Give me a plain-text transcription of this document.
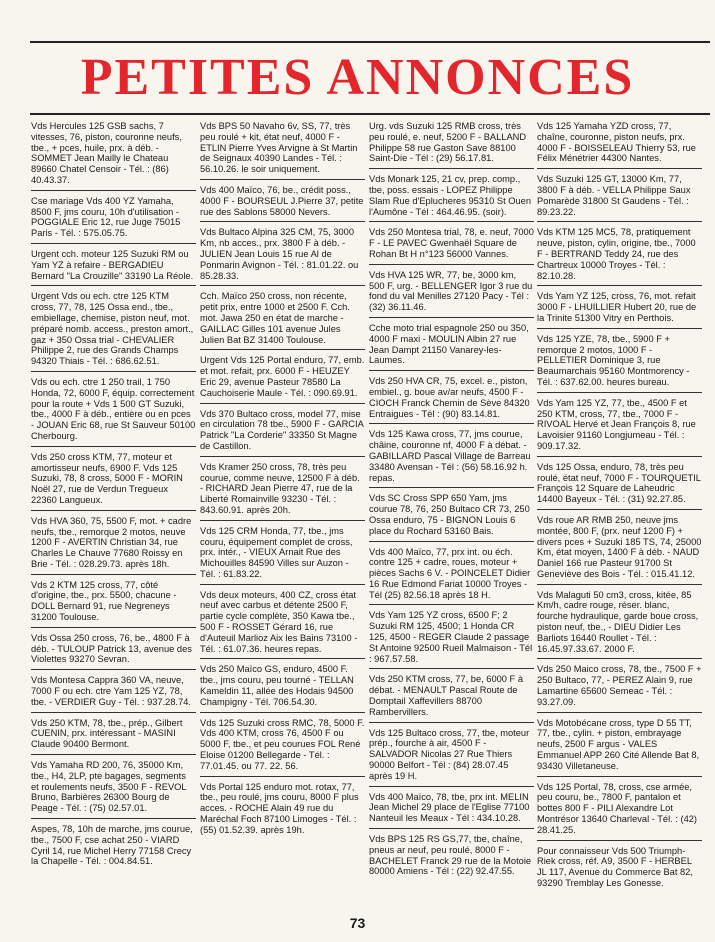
PETITES ANNONCES
Vds Hercules 125 GSB sachs, 7 vitesses, 76, piston, couronne neufs, tbe., + pces, huile, prx. à déb. - SOMMET Jean Mailly le Chateau 89660 Chatel Censoir - Tél. : (86) 40.43.37.
Cse mariage Vds 400 YZ Yamaha, 8500 F, jms couru, 10h d'utilisation - POGGIALE Eric 12, rue Juge 75015 Paris - Tél. : 575.05.75.
Urgent cch. moteur 125 Suzuki RM ou Yam YZ à refaire - BERGADIEU Bernard "La Crouzille" 33190 La Réole.
Urgent Vds ou ech. ctre 125 KTM cross, 77, 78, 125 Ossa end., tbe., embiellage, chemise, piston neuf, mot. préparé nomb. access., preston amort., gaz + 350 Ossa trial - CHEVALIER Philippe 2, rue des Grands Champs 94320 Thiais - Tél. : 686.62.51.
Vds ou ech. ctre 1 250 trail, 1 750 Honda, 72, 6000 F, équip. correctement pour la route + Vds 1 500 GT Suzuki, tbe., 4000 F à déb., entière ou en pces - JOUAN Eric 68, rue St Sauveur 50100 Cherbourg.
Vds 250 cross KTM, 77, moteur et amortisseur neufs, 6900 F. Vds 125 Suzuki, 78, 8 cross, 5000 F - MORIN Noël 27, rue de Verdun Tregueux 22360 Langueux.
Vds HVA 360, 75, 5500 F, mot. + cadre neufs, tbe., remorque 2 motos, neuve 1200 F - AVERTIN Christian 34, rue Charles Le Chauve 77680 Roissy en Brie - Tél. : 028.29.73. après 18h.
Vds 2 KTM 125 cross, 77, côté d'origine, tbe., prx. 5500, chacune - DOLL Bernard 91, rue Negreneys 31200 Toulouse.
Vds Ossa 250 cross, 76, be., 4800 F à déb. - TULOUP Patrick 13, avenue des Violettes 93270 Sevran.
Vds Montesa Cappra 360 VA, neuve, 7000 F ou ech. ctre Yam 125 YZ, 78, tbe. - VERDIER Guy - Tél. : 937.28.74.
Vds 250 KTM, 78, tbe., prép., Gilbert CUENIN, prx. intéressant - MASINI Claude 90400 Bermont.
Vds Yamaha RD 200, 76, 35000 Km, tbe., H4, 2LP, pte bagages, segments et roulements neufs, 3500 F - REVOL Bruno, Barbières 26300 Bourg de Peage - Tél. : (75) 02.57.01.
Aspes, 78, 10h de marche, jms courue, tbe., 7500 F, cse achat 250 - VIARD Cyril 14, rue Michel Herry 77158 Crecy la Chapelle - Tél. : 004.84.51.
Vds BPS 50 Navaho 6v, SS, 77, très peu roulé + kit, état neuf, 4000 F - ETLIN Pierre Yves Arvigne à St Martin de Seignaux 40390 Landes - Tél. : 56.10.26. le soir uniquement.
Vds 400 Maïco, 76, be., crédit poss., 4000 F - BOURSEUL J.Pierre 37, petite rue des Sablons 58000 Nevers.
Vds Bultaco Alpina 325 CM, 75, 3000 Km, nb acces., prx. 3800 F à déb. - JULIEN Jean Louis 15 rue Al de Ponmarin Avignon - Tél. : 81.01.22. ou 85.28.33.
Cch. Maïco 250 cross, non récente, petit prix, entre 1000 et 2500 F. Cch. mot. Jawa 250 en état de marche - GAILLAC Gilles 101 avenue Jules Julien Bat BZ 31400 Toulouse.
Urgent Vds 125 Portal enduro, 77, emb. et mot. refait, prx. 6000 F - HEUZEY Eric 29, avenue Pasteur 78580 La Cauchoiserie Maule - Tél. : 090.69.91.
Vds 370 Bultaco cross, model 77, mise en circulation 78 tbe., 5900 F - GARCIA Patrick "La Corderie" 33350 St Magne de Castillon.
Vds Kramer 250 cross, 78, très peu courue, comme neuve, 12500 F à déb. - RICHARD Jean Pierre 47, rue de la Liberté Romainville 93230 - Tél. : 843.60.91. après 20h.
Vds 125 CRM Honda, 77, tbe., jms couru, équipement complet de cross, prx. intér., - VIEUX Arnait Rue des Michouilles 84590 Villes sur Auzon - Tél. : 61.83.22.
Vds deux moteurs, 400 CZ, cross état neuf avec carbus et détente 2500 F, partie cycle complète, 350 Kawa tbe., 500 F - ROSSET Gérard 16, rue d'Auteuil Marlioz Aix les Bains 73100 - Tél. : 61.07.36. heures repas.
Vds 250 Maïco GS, enduro, 4500 F. tbe., jms couru, peu tourné - TELLAN Kameldin 11, allée des Hodais 94500 Champigny - Tél. 706.54.30.
Vds 125 Suzuki cross RMC, 78, 5000 F. Vds 400 KTM, cross 76, 4500 F ou 5000 F, tbe., et peu courues FOL René Eloise 01200 Bellegarde - Tél. : 77.01.45. ou 77. 22. 56.
Vds Portal 125 enduro mot. rotax, 77, tbe., peu roulé, jms couru, 8000 F plus acces. - ROCHE Alain 49 rue du Maréchal Foch 87100 Limoges - Tél. : (55) 01.52.39. après 19h.
Urg. vds Suzuki 125 RMB cross, très peu roulé, e. neuf, 5200 F - BALLAND Philippe 58 rue Gaston Save 88100 Saint-Die - Tél : (29) 56.17.81.
Vds Monark 125, 21 cv, prep. comp., tbe, poss. essais - LOPEZ Philippe Slam Rue d'Eplucheres 95310 St Ouen l'Aumône - Tél : 464.46.95. (soir).
Vds 250 Montesa trial, 78, e. neuf, 7000 F - LE PAVEC Gwenhaël Square de Rohan Bt H n°123 56000 Vannes.
Vds HVA 125 WR, 77, be, 3000 km, 500 F, urg. - BELLENGER Igor 3 rue du fond du val Menilles 27120 Pacy - Tél : (32) 36.11.46.
Cche moto trial espagnole 250 ou 350, 4000 F maxi - MOULIN Albin 27 rue Jean Dampt 21150 Vanarey-les-Laumes.
Vds 250 HVA CR, 75, excel. e., piston, embiel., g. boue av/ar neufs, 4500 F - CIOCH Franck Chemin de Sève 84320 Entraigues - Tél : (90) 83.14.81.
Vds 125 Kawa cross, 77, jms courue, châine, couronne nf, 4000 F à débat. - GABILLARD Pascal Village de Barreau 33480 Avensan - Tél : (56) 58.16.92 h. repas.
Vds SC Cross SPP 650 Yam, jms courue 78, 76, 250 Bultaco CR 73, 250 Ossa enduro, 75 - BIGNON Louis 6 place du Rochard 53160 Bais.
Vds 400 Maïco, 77, prx int. ou éch. contre 125 + cadre, roues, moteur + pièces Sachs 6 V. - POINCELET Didier 16 Rue Edmond Fariat 10000 Troyes - Tél (25) 82.56.18 après 18 H.
Vds Yam 125 YZ cross, 6500 F; 2 Suzuki RM 125, 4500; 1 Honda CR 125, 4500 - REGER Claude 2 passage St Antoine 92500 Rueil Malmaison - Tél : 967.57.58.
Vds 250 KTM cross, 77, be, 6000 F à débat. - MENAULT Pascal Route de Domptail Xaffevillers 88700 Rambervillers.
Vds 125 Bultaco cross, 77, tbe, moteur prép., fourche à air, 4500 F - SALVADOR Nicolas 27 Rue Thiers 90000 Belfort - Tél : (84) 28.07.45 après 19 H.
Vds 400 Maïco, 78, tbe, prx int. MELIN Jean Michel 29 place de l'Eglise 77100 Nanteuil les Meaux - Tél : 434.10.28.
Vds BPS 125 RS GS,77, tbe, chaîne, pneus ar neuf, peu roulé, 8000 F - BACHELET Franck 29 rue de la Motoie 80000 Amiens - Tél : (22) 92.47.55.
Vds 125 Yamaha YZD cross, 77, chaîne, couronne, piston neufs, prx. 4000 F - BOISSELEAU Thierry 53, rue Félix Ménétrier 44300 Nantes.
Vds Suzuki 125 GT, 13000 Km, 77, 3800 F à déb. - VELLA Philippe Saux Pomarède 31800 St Gaudens - Tél. : 89.23.22.
Vds KTM 125 MC5, 78, pratiquement neuve, piston, cylin, origine, tbe., 7000 F - BERTRAND Teddy 24, rue des Chartreux 10000 Troyes - Tél. : 82.10.28.
Vds Yam YZ 125, cross, 76, mot. refait 3000 F - LHUILLIER Hubert 20, rue de la Trinite 51300 Vitry en Perthois.
Vds 125 YZE, 78, tbe., 5900 F + remorque 2 motos, 1000 F - PELLETIER Dominique 3, rue Beaumarchais 95160 Montmorency - Tél. : 637.62.00. heures bureau.
Vds Yam 125 YZ, 77, tbe., 4500 F et 250 KTM, cross, 77, tbe., 7000 F - RIVOAL Hervé et Jean François 8, rue Lavoisier 91160 Longjumeau - Tél. : 909.17.32.
Vds 125 Ossa, enduro, 78, très peu roulé, état neuf, 7000 F - TOURQUETIL François 12 Square de Laheudric 14400 Bayeux - Tél. : (31) 92.27.85.
Vds roue AR RMB 250, neuve jms montée, 800 F, (prx. neuf 1200 F) + divers pces + Suzuki 185 TS, 74, 25000 Km, état moyen, 1400 F à déb. - NAUD Daniel 166 rue Pasteur 91700 St Geneviève des Bois - Tél. : 015.41.12.
Vds Malaguti 50 cm3, cross, kitée, 85 Km/h, cadre rouge, réser. blanc, fourche hydraulique, garde boue cross, piston neuf, tbe., - DIEU Didier Les Barliots 16440 Roullet - Tél. : 16.45.97.33.67. 2000 F.
Vds 250 Maico cross, 78, tbe., 7500 F + 250 Bultaco, 77, - PEREZ Alain 9, rue Lamartine 65600 Semeac - Tél. : 93.27.09.
Vds Motobécane cross, type D 55 TT, 77, tbe., cylin. + piston, embrayage neufs, 2500 F argus - VALES Emmanuel APP 260 Cité Allende Bat 8, 93430 Villetaneuse.
Vds 125 Portal, 78, cross, cse armée, peu couru, be., 7800 F, pantalon et bottes 800 F - PILI Alexandre Lot Montrésor 13640 Charleval - Tél. : (42) 28.41.25.
Pour connaisseur Vds 500 Triumph-Riek cross, réf. A9, 3500 F - HERBEL JL 117, Avenue du Commerce Bat 82, 93290 Tremblay Les Gonesse.
73
